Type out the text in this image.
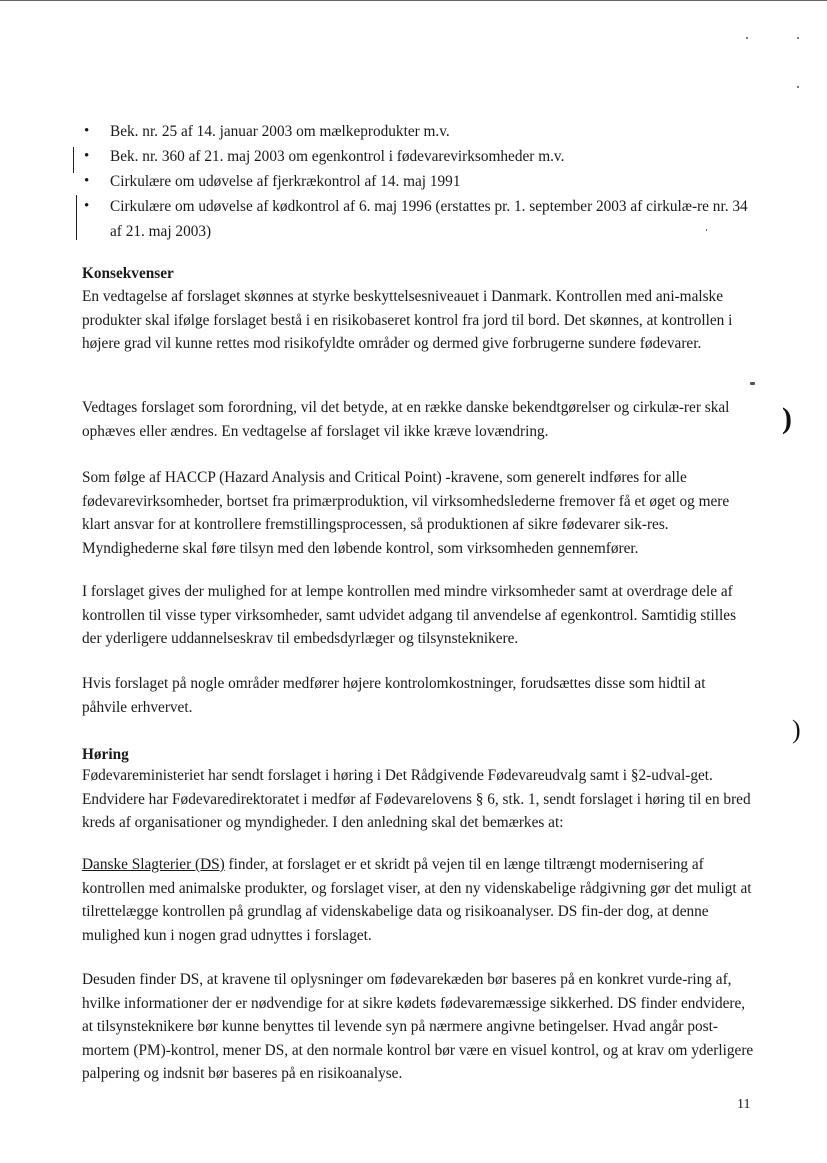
• Bek. nr. 25 af 14. januar 2003 om mælkeprodukter m.v.
• Bek. nr. 360 af 21. maj 2003 om egenkontrol i fødevarevirksomheder m.v.
• Cirkulære om udøvelse af fjerkrækontrol af 14. maj 1991
• Cirkulære om udøvelse af kødkontrol af 6. maj 1996 (erstattes pr. 1. september 2003 af cirkulæ-re nr. 34 af 21. maj 2003)
Konsekvenser

En vedtagelse af forslaget skønnes at styrke beskyttelsesniveauet i Danmark. Kontrollen med ani-malske produkter skal ifølge forslaget bestå i en risikobaseret kontrol fra jord til bord. Det skønnes, at kontrollen i højere grad vil kunne rettes mod risikofyldte områder og dermed give forbrugerne sundere fødevarer.

Vedtages forslaget som forordning, vil det betyde, at en række danske bekendtgørelser og cirkulæ-rer skal ophæves eller ændres. En vedtagelse af forslaget vil ikke kræve lovændring.

Som følge af HACCP (Hazard Analysis and Critical Point) -kravene, som generelt indføres for alle fødevarevirksomheder, bortset fra primærproduktion, vil virksomhedslederne fremover få et øget og mere klart ansvar for at kontrollere fremstillingsprocessen, så produktionen af sikre fødevarer sik-res. Myndighederne skal føre tilsyn med den løbende kontrol, som virksomheden gennemfører.

I forslaget gives der mulighed for at lempe kontrollen med mindre virksomheder samt at overdrage dele af kontrollen til visse typer virksomheder, samt udvidet adgang til anvendelse af egenkontrol. Samtidig stilles der yderligere uddannelseskrav til embedsdyrlæger og tilsynsteknikere.

Hvis forslaget på nogle områder medfører højere kontrolomkostninger, forudsættes disse som hidtil at påhvile erhvervet.

Høring

Fødevareministeriet har sendt forslaget i høring i Det Rådgivende Fødevareudvalg samt i §2-udval-get. Endvidere har Fødevaredirektoratet i medfør af Fødevarelovens § 6, stk. 1, sendt forslaget i høring til en bred kreds af organisationer og myndigheder. I den anledning skal det bemærkes at:

Danske Slagterier (DS) finder, at forslaget er et skridt på vejen til en længe tiltrængt modernisering af kontrollen med animalske produkter, og forslaget viser, at den ny videnskabelige rådgivning gør det muligt at tilrettelægge kontrollen på grundlag af videnskabelige data og risikoanalyser. DS fin-der dog, at denne mulighed kun i nogen grad udnyttes i forslaget.

Desuden finder DS, at kravene til oplysninger om fødevarekæden bør baseres på en konkret vurde-ring af, hvilke informationer der er nødvendige for at sikre kødets fødevaremæssige sikkerhed. DS finder endvidere, at tilsynsteknikere bør kunne benyttes til levende syn på nærmere angivne betingelser. Hvad angår post-mortem (PM)-kontrol, mener DS, at den normale kontrol bør være en visuel kontrol, og at krav om yderligere palpering og indsnit bør baseres på en risikoanalyse.

11
)
)
